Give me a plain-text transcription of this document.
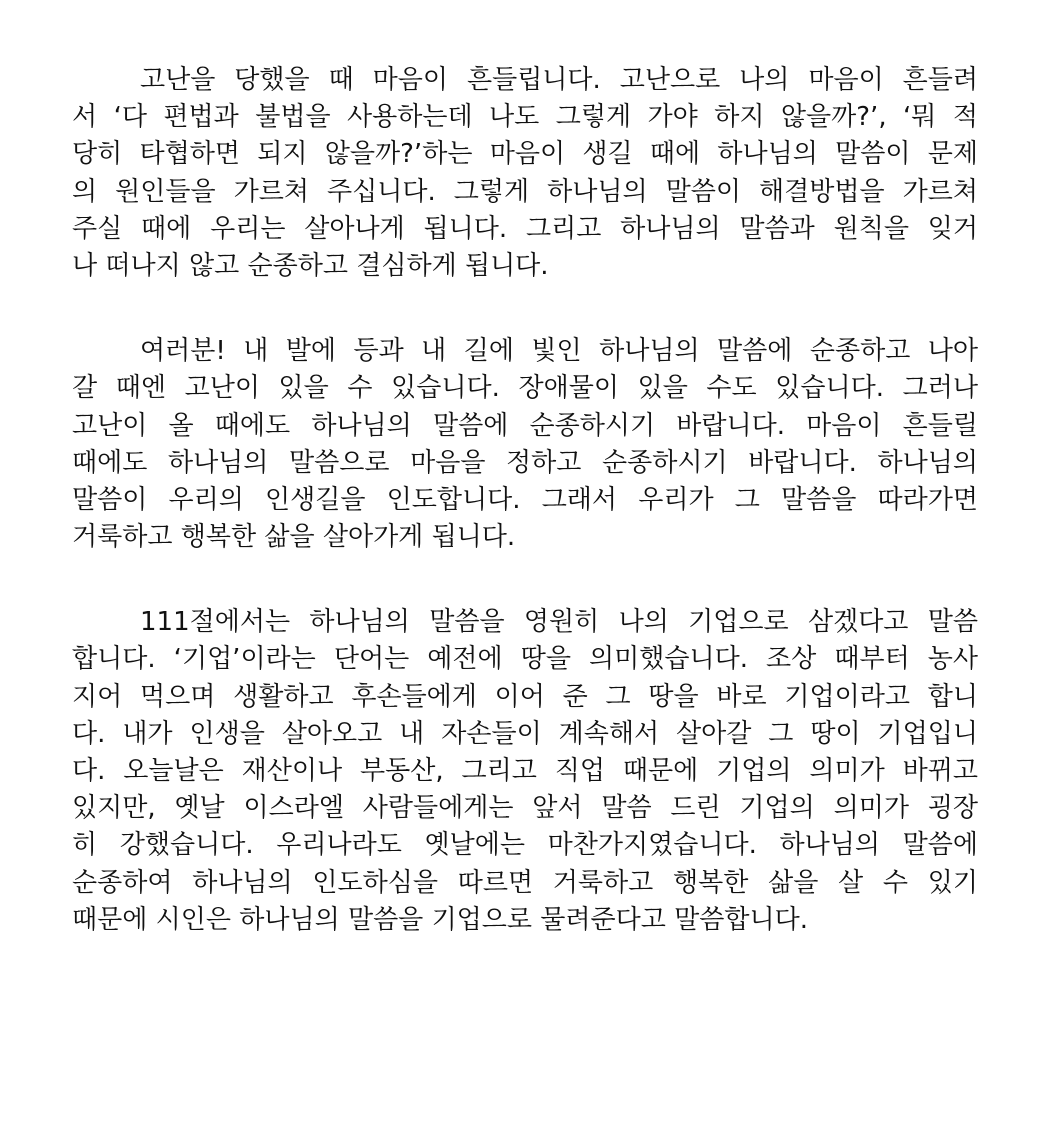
고난을 당했을 때 마음이 흔들립니다. 고난으로 나의 마음이 흔들려
서 ‘다 편법과 불법을 사용하는데 나도 그렇게 가야 하지 않을까?’, ‘뭐 적
당히 타협하면 되지 않을까?’하는 마음이 생길 때에 하나님의 말씀이 문제
의 원인들을 가르쳐 주십니다. 그렇게 하나님의 말씀이 해결방법을 가르쳐
주실 때에 우리는 살아나게 됩니다. 그리고 하나님의 말씀과 원칙을 잊거
나 떠나지 않고 순종하고 결심하게 됩니다.
여러분! 내 발에 등과 내 길에 빛인 하나님의 말씀에 순종하고 나아
갈 때엔 고난이 있을 수 있습니다. 장애물이 있을 수도 있습니다. 그러나
고난이 올 때에도 하나님의 말씀에 순종하시기 바랍니다. 마음이 흔들릴
때에도 하나님의 말씀으로 마음을 정하고 순종하시기 바랍니다. 하나님의
말씀이 우리의 인생길을 인도합니다. 그래서 우리가 그 말씀을 따라가면
거룩하고 행복한 삶을 살아가게 됩니다.
111절에서는 하나님의 말씀을 영원히 나의 기업으로 삼겠다고 말씀
합니다. ‘기업’이라는 단어는 예전에 땅을 의미했습니다. 조상 때부터 농사
지어 먹으며 생활하고 후손들에게 이어 준 그 땅을 바로 기업이라고 합니
다. 내가 인생을 살아오고 내 자손들이 계속해서 살아갈 그 땅이 기업입니
다. 오늘날은 재산이나 부동산, 그리고 직업 때문에 기업의 의미가 바뀌고
있지만, 옛날 이스라엘 사람들에게는 앞서 말씀 드린 기업의 의미가 굉장
히 강했습니다. 우리나라도 옛날에는 마찬가지였습니다. 하나님의 말씀에
순종하여 하나님의 인도하심을 따르면 거룩하고 행복한 삶을 살 수 있기
때문에 시인은 하나님의 말씀을 기업으로 물려준다고 말씀합니다.
